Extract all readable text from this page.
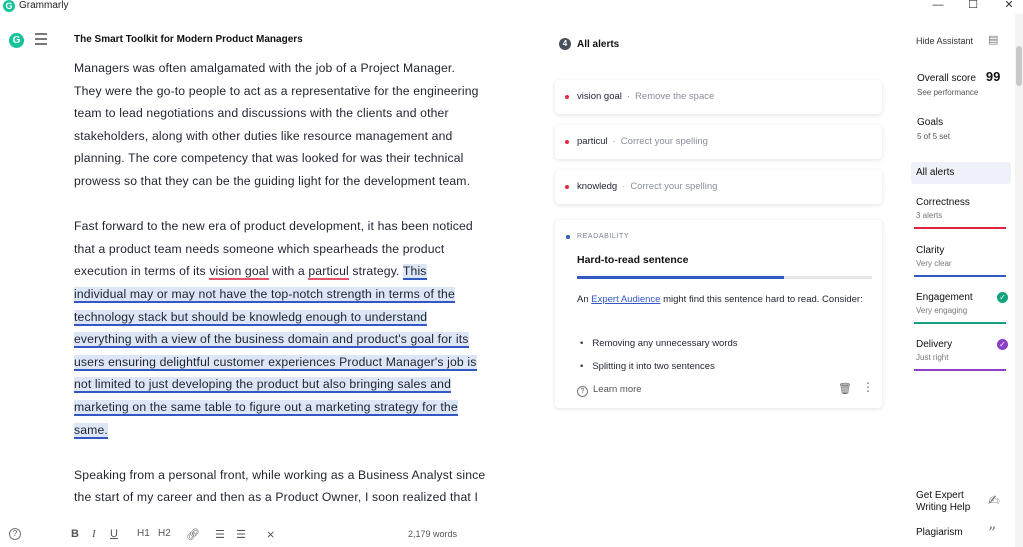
G Grammarly	—	☐	✕
G	The Smart Toolkit for Modern Product Managers

Managers was often amalgamated with the job of a Project Manager.
They were the go-to people to act as a representative for the engineering
team to lead negotiations and discussions with the clients and other
stakeholders, along with other duties like resource management and
planning. The core competency that was looked for was their technical
prowess so that they can be the guiding light for the development team.

Fast forward to the new era of product development, it has been noticed
that a product team needs someone which spearheads the product
execution in terms of its vision goal with a particul strategy. This
individual may or may not have the top-notch strength in terms of the
technology stack but should be knowledg enough to understand
everything with a view of the business domain and product's goal for its
users ensuring delightful customer experiences Product Manager's job is
not limited to just developing the product but also bringing sales and
marketing on the same table to figure out a marketing strategy for the
same.

Speaking from a personal front, while working as a Business Analyst since
the start of my career and then as a Product Owner, I soon realized that I

?	B I U H1 H2 🔗︎ ☰ ☰ ⨯	2,179 words
4 All alerts
vision goal · Remove the space
particul · Correct your spelling
knowledg · Correct your spelling
READABILITY
Hard-to-read sentence
An Expert Audience might find this sentence hard to read. Consider:
• Removing any unnecessary words
• Splitting it into two sentences
? Learn more	🗑︎ ⋮
Hide Assistant ▤
Overall score 99
See performance
Goals
5 of 5 set
All alerts
Correctness
3 alerts
Clarity
Very clear
Engagement
Very engaging
✓
Delivery
Just right
✓
Get Expert Writing Help	✍︎
Plagiarism ”
